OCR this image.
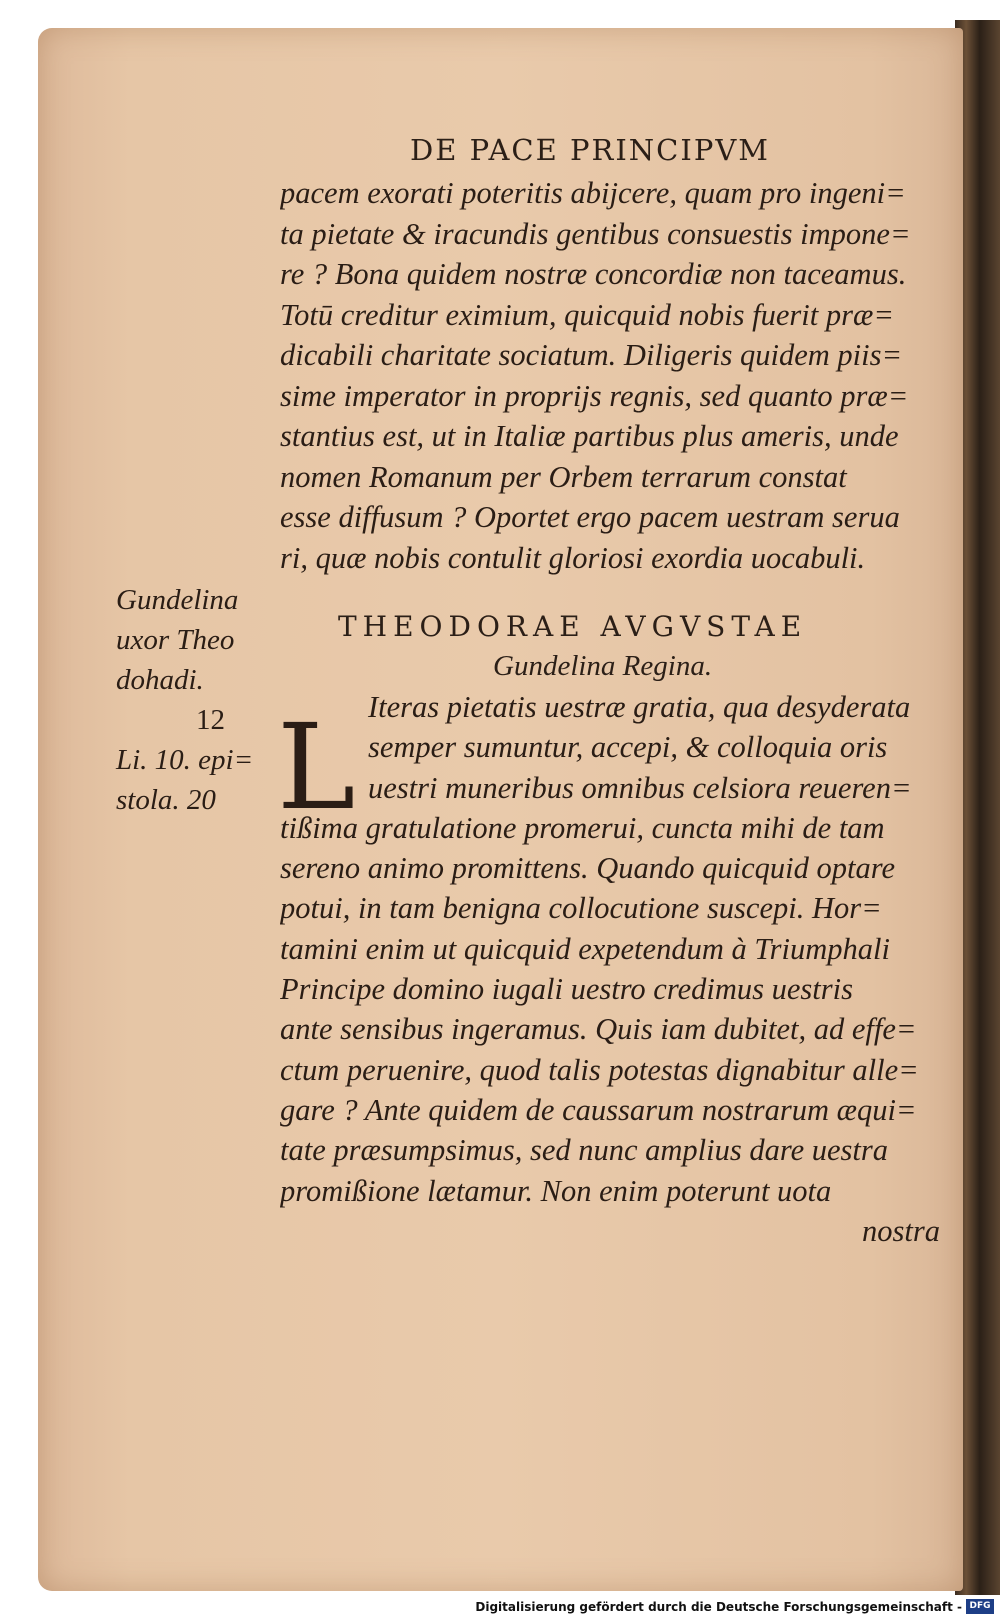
DE PACE PRINCIPVM
pacem exorati poteritis abijcere, quam pro ingeni=
ta pietate & iracundis gentibus consuestis impone=
re ? Bona quidem nostræ concordiæ non taceamus.
Totū creditur eximium, quicquid nobis fuerit præ=
dicabili charitate sociatum. Diligeris quidem piis=
sime imperator in proprijs regnis, sed quanto præ=
stantius est, ut in Italiæ partibus plus ameris, unde
nomen Romanum per Orbem terrarum constat
esse diffusum ? Oportet ergo pacem uestram serua
ri, quæ nobis contulit gloriosi exordia uocabuli.
Gundelina
uxor Theo
dohadi.
12
Li. 10. epi=
stola. 20
THEODORAE AVGVSTAE
Gundelina Regina.
L Iteras pietatis uestræ gratia, qua desyderata
semper sumuntur, accepi, & colloquia oris
uestri muneribus omnibus celsiora reueren=
tißima gratulatione promerui, cuncta mihi de tam
sereno animo promittens. Quando quicquid optare
potui, in tam benigna collocutione suscepi. Hor=
tamini enim ut quicquid expetendum à Triumphali
Principe domino iugali uestro credimus uestris
ante sensibus ingeramus. Quis iam dubitet, ad effe=
ctum peruenire, quod talis potestas dignabitur alle=
gare ? Ante quidem de caussarum nostrarum æqui=
tate præsumpsimus, sed nunc amplius dare uestra
promißione lætamur. Non enim poterunt uota
nostra
Digitalisierung gefördert durch die Deutsche Forschungsgemeinschaft - DFG
